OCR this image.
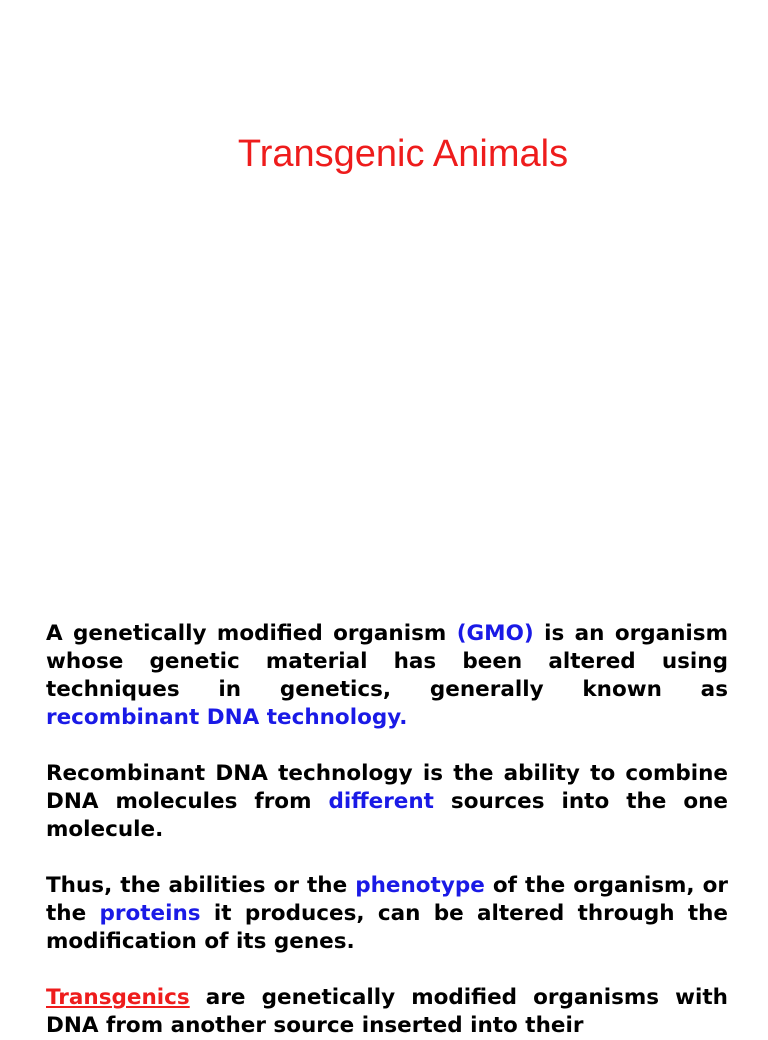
Transgenic Animals

A genetically modified organism (GMO) is an organism whose genetic material has been altered using techniques in genetics, generally known as recombinant DNA technology.

Recombinant DNA technology is the ability to combine DNA molecules from different sources into the one molecule.

Thus, the abilities or the phenotype of the organism, or the proteins it produces, can be altered through the modification of its genes.

Transgenics are genetically modified organisms with DNA from another source inserted into their
